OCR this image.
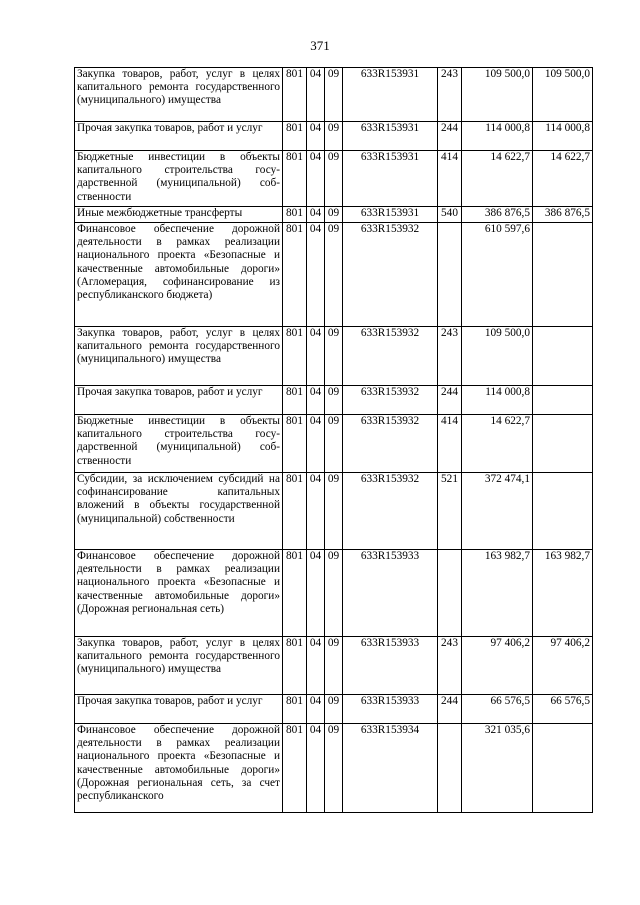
371
Закупка товаров, работ, услуг в целях капитального ремонта государственного (муниципального) имущества	801	04	09	633R153931	243	109 500,0	109 500,0
Прочая закупка товаров, работ и услуг	801	04	09	633R153931	244	114 000,8	114 000,8
Бюджетные инвестиции в объекты капитального строительства государственной (муниципальной) собственности	801	04	09	633R153931	414	14 622,7	14 622,7
Иные межбюджетные трансферты	801	04	09	633R153931	540	386 876,5	386 876,5
Финансовое обеспечение дорожной деятельности в рамках реализации национального проекта «Безопасные и качественные автомобильные дороги» (Агломерация, софинансирование из республиканского бюджета)	801	04	09	633R153932		610 597,6	
Закупка товаров, работ, услуг в целях капитального ремонта государственного (муниципального) имущества	801	04	09	633R153932	243	109 500,0	
Прочая закупка товаров, работ и услуг	801	04	09	633R153932	244	114 000,8	
Бюджетные инвестиции в объекты капитального строительства государственной (муниципальной) собственности	801	04	09	633R153932	414	14 622,7	
Субсидии, за исключением субсидий на софинансирование капитальных вложений в объекты государственной (муниципальной) собственности	801	04	09	633R153932	521	372 474,1	
Финансовое обеспечение дорожной деятельности в рамках реализации национального проекта «Безопасные и качественные автомобильные дороги» (Дорожная региональная сеть)	801	04	09	633R153933		163 982,7	163 982,7
Закупка товаров, работ, услуг в целях капитального ремонта государственного (муниципального) имущества	801	04	09	633R153933	243	97 406,2	97 406,2
Прочая закупка товаров, работ и услуг	801	04	09	633R153933	244	66 576,5	66 576,5
Финансовое обеспечение дорожной деятельности в рамках реализации национального проекта «Безопасные и качественные автомобильные дороги» (Дорожная региональная сеть, за счет республиканского	801	04	09	633R153934		321 035,6	
